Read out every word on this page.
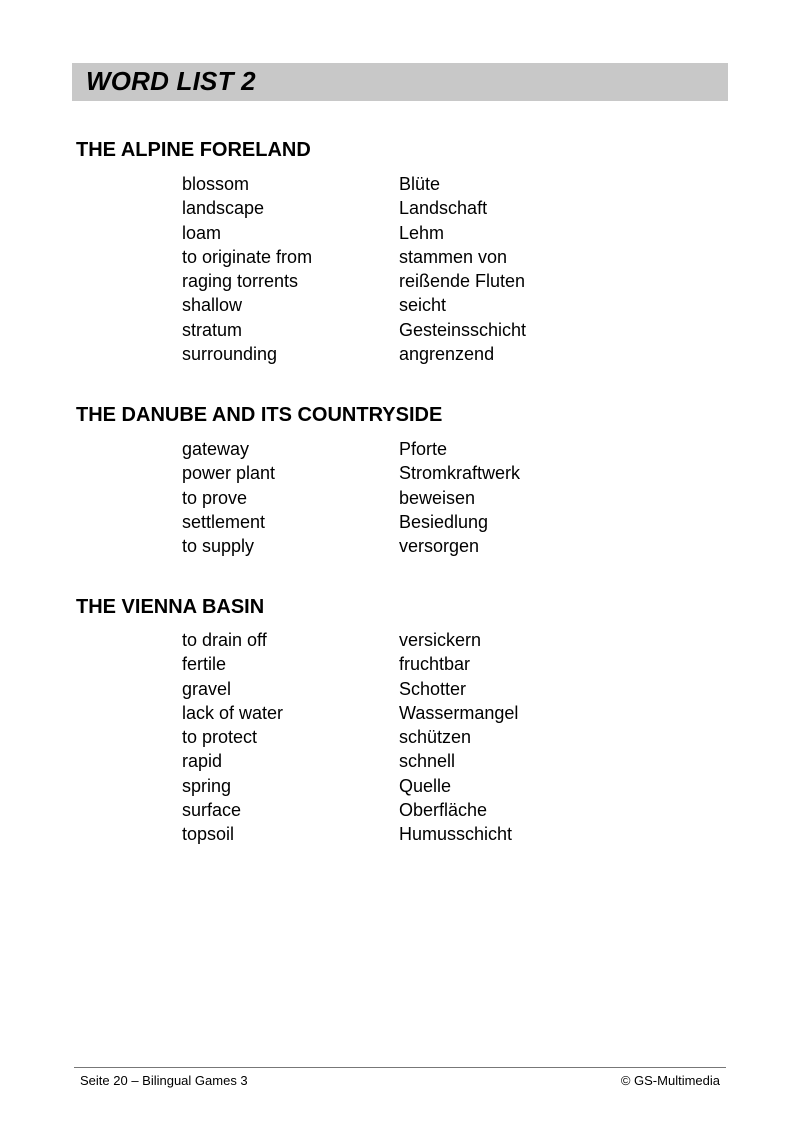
WORD LIST 2
THE ALPINE FORELAND
blossom	Blüte
landscape	Landschaft
loam	Lehm
to originate from	stammen von
raging torrents	reißende Fluten
shallow	seicht
stratum	Gesteinsschicht
surrounding	angrenzend
THE DANUBE AND ITS COUNTRYSIDE
gateway	Pforte
power plant	Stromkraftwerk
to prove	beweisen
settlement	Besiedlung
to supply	versorgen
THE VIENNA BASIN
to drain off	versickern
fertile	fruchtbar
gravel	Schotter
lack of water	Wassermangel
to protect	schützen
rapid	schnell
spring	Quelle
surface	Oberfläche
topsoil	Humusschicht
Seite 20 – Bilingual Games 3	© GS-Multimedia
